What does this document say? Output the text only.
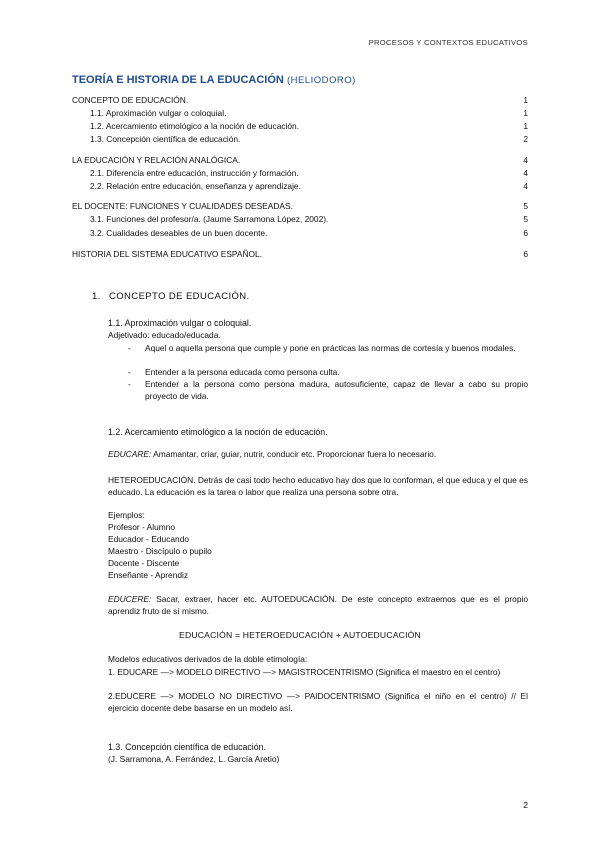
PROCESOS Y CONTEXTOS EDUCATIVOS
TEORÍA E HISTORIA DE LA EDUCACIÓN (HELIODORO)
CONCEPTO DE EDUCACIÓN.	1
1.1. Aproximación vulgar o coloquial.	1
1.2. Acercamiento etimológico a la noción de educación.	1
1.3. Concepción científica de educación.	2
LA EDUCACIÓN Y RELACIÓN ANALÓGICA.	4
2.1. Diferencia entre educación, instrucción y formación.	4
2.2. Relación entre educación, enseñanza y aprendizaje.	4
EL DOCENTE: FUNCIONES Y CUALIDADES DESEADAS.	5
3.1. Funciones del profesor/a. (Jaume Sarramona López, 2002).	5
3.2. Cualidades deseables de un buen docente.	6
HISTORIA DEL SISTEMA EDUCATIVO ESPAÑOL.	6
1. CONCEPTO DE EDUCACIÓN.
1.1. Aproximación vulgar o coloquial.
Adjetivado: educado/educada.
- Aquel o aquella persona que cumple y pone en prácticas las normas de cortesía y buenos modales.
- Entender a la persona educada como persona culta.
- Entender a la persona como persona madura, autosuficiente, capaz de llevar a cabo su propio proyecto de vida.
1.2. Acercamiento etimológico a la noción de educación.
EDUCARE: Amamantar, criar, guiar, nutrir, conducir etc. Proporcionar fuera lo necesario.
HETEROEDUCACIÓN. Detrás de casi todo hecho educativo hay dos que lo conforman, el que educa y el que es educado. La educación es la tarea o labor que realiza una persona sobre otra.
Ejemplos:
Profesor - Alumno
Educador - Educando
Maestro - Discípulo o pupilo
Docente - Discente
Enseñante - Aprendiz
EDUCERE: Sacar, extraer, hacer etc. AUTOEDUCACIÓN. De este concepto extraemos que es el propio aprendiz fruto de sí mismo.
EDUCACIÓN = HETEROEDUCACIÓN + AUTOEDUCACIÓN
Modelos educativos derivados de la doble etimología:
1. EDUCARE —> MODELO DIRECTIVO —> MAGISTROCENTRISMO (Significa el maestro en el centro)
2.EDUCERE —> MODELO NO DIRECTIVO —> PAIDOCENTRISMO (Significa el niño en el centro) // El ejercicio docente debe basarse en un modelo así.
1.3. Concepción científica de educación.
(J. Sarramona, A. Ferrández, L. García Aretio)
2
